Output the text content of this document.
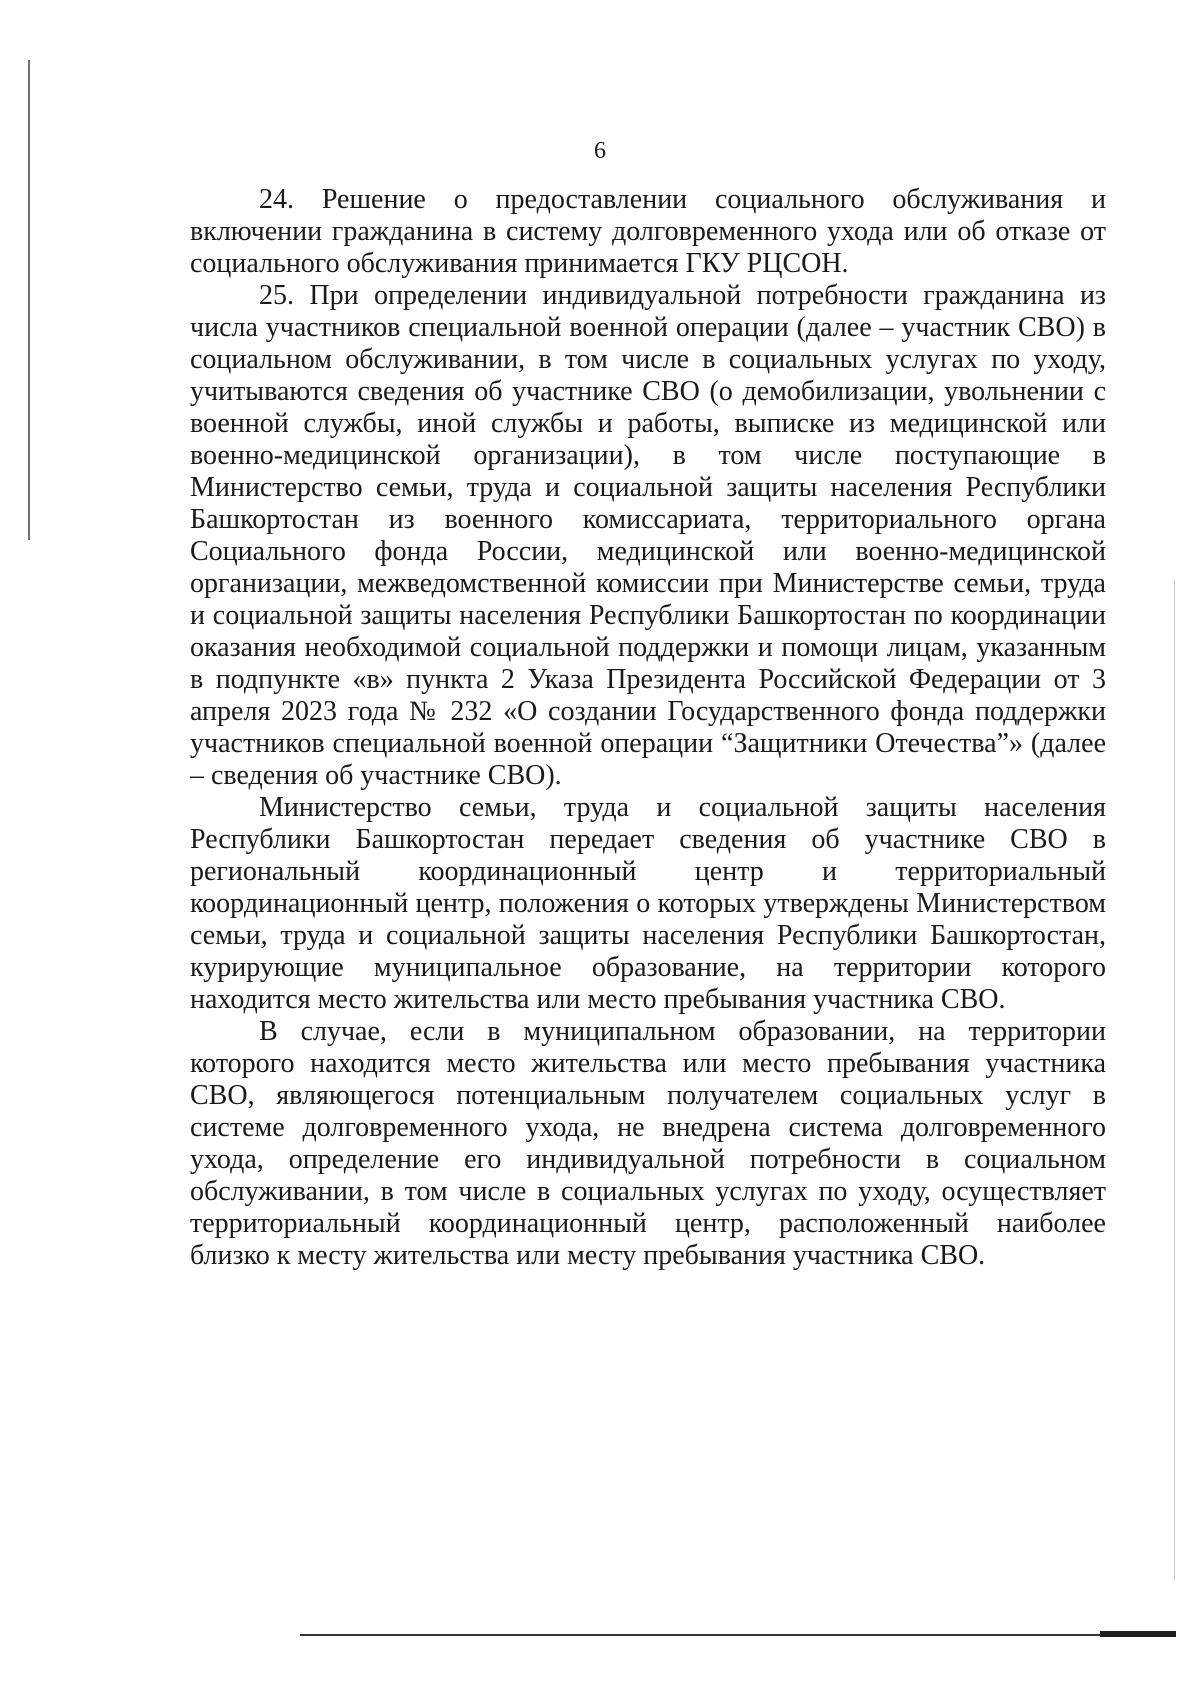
6

24. Решение о предоставлении социального обслуживания и включении гражданина в систему долговременного ухода или об отказе от социального обслуживания принимается ГКУ РЦСОН.

25. При определении индивидуальной потребности гражданина из числа участников специальной военной операции (далее – участник СВО) в социальном обслуживании, в том числе в социальных услугах по уходу, учитываются сведения об участнике СВО (о демобилизации, увольнении с военной службы, иной службы и работы, выписке из медицинской или военно-медицинской организации), в том числе поступающие в Министерство семьи, труда и социальной защиты населения Республики Башкортостан из военного комиссариата, территориального органа Социального фонда России, медицинской или военно-медицинской организации, межведомственной комиссии при Министерстве семьи, труда и социальной защиты населения Республики Башкортостан по координации оказания необходимой социальной поддержки и помощи лицам, указанным в подпункте «в» пункта 2 Указа Президента Российской Федерации от 3 апреля 2023 года № 232 «О создании Государственного фонда поддержки участников специальной военной операции “Защитники Отечества”» (далее – сведения об участнике СВО).

Министерство семьи, труда и социальной защиты населения Республики Башкортостан передает сведения об участнике СВО в региональный координационный центр и территориальный координационный центр, положения о которых утверждены Министерством семьи, труда и социальной защиты населения Республики Башкортостан, курирующие муниципальное образование, на территории которого находится место жительства или место пребывания участника СВО.

В случае, если в муниципальном образовании, на территории которого находится место жительства или место пребывания участника СВО, являющегося потенциальным получателем социальных услуг в системе долговременного ухода, не внедрена система долговременного ухода, определение его индивидуальной потребности в социальном обслуживании, в том числе в социальных услугах по уходу, осуществляет территориальный координационный центр, расположенный наиболее близко к месту жительства или месту пребывания участника СВО.
